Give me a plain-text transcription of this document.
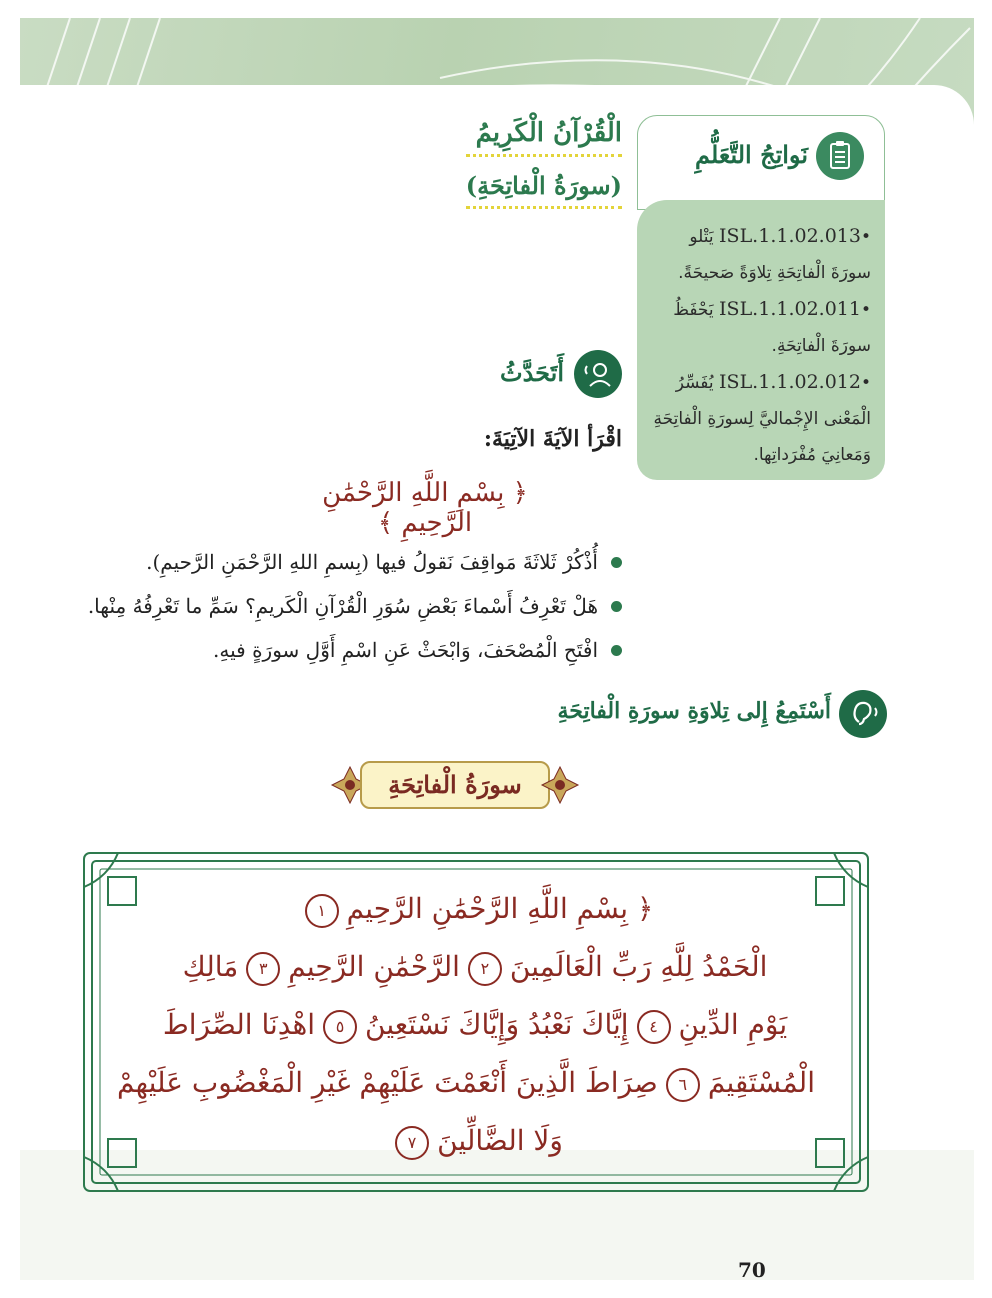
الْقُرْآنُ الْكَرِيمُ
(سورَةُ الْفاتِحَةِ)
نَواتِجُ التَّعَلُّمِ
•ISL.1.1.02.013 يَتْلو سورَةَ الْفاتِحَةِ تِلاوَةً صَحيحَةً.
•ISL.1.1.02.011 يَحْفَظُ سورَةَ الْفاتِحَةِ.
•ISL.1.1.02.012 يُفَسِّرُ الْمَعْنى الإِجْماليَّ لِسورَةِ الْفاتِحَةِ وَمَعانِيَ مُفْرَداتِها.
أَتَحَدَّثُ
اقْرَأ الآيَةَ الآتِيَةَ:
﴿ بِسْمِ اللَّهِ الرَّحْمَٰنِ الرَّحِيمِ ﴾
أُذْكُرْ ثَلاثَةَ مَواقِفَ نَقولُ فيها (بِسمِ اللهِ الرَّحْمَنِ الرَّحيمِ).
هَلْ تَعْرِفُ أَسْماءَ بَعْضِ سُوَرِ الْقُرْآنِ الْكَريمِ؟ سَمِّ ما تَعْرِفُهُ مِنْها.
افْتَحِ الْمُصْحَفَ، وَابْحَثْ عَنِ اسْمِ أَوَّلِ سورَةٍ فيهِ.
أَسْتَمِعُ إِلى تِلاوَةِ سورَةِ الْفاتِحَةِ
سورَةُ الْفاتِحَةِ
﴿ بِسْمِ اللَّهِ الرَّحْمَٰنِ الرَّحِيمِ١
الْحَمْدُ لِلَّهِ رَبِّ الْعَالَمِينَ٢الرَّحْمَٰنِ الرَّحِيمِ٣مَالِكِ
يَوْمِ الدِّينِ٤إِيَّاكَ نَعْبُدُ وَإِيَّاكَ نَسْتَعِينُ٥اهْدِنَا الصِّرَاطَ
الْمُسْتَقِيمَ٦صِرَاطَ الَّذِينَ أَنْعَمْتَ عَلَيْهِمْ غَيْرِ الْمَغْضُوبِ عَلَيْهِمْ
وَلَا الضَّالِّينَ٧
70
